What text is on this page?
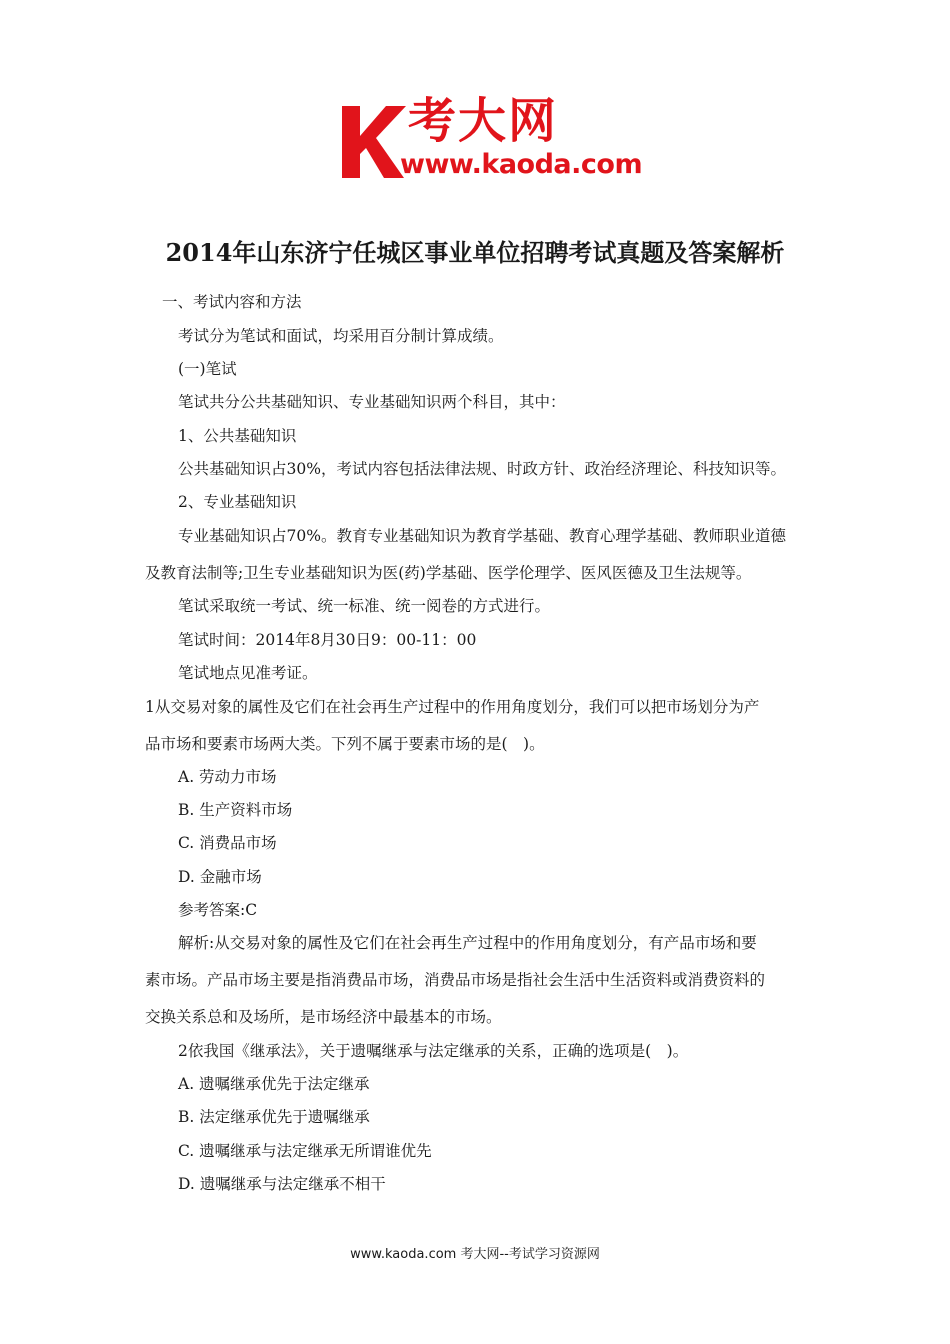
考大网
www.kaoda.com
2014年山东济宁任城区事业单位招聘考试真题及答案解析
一、考试内容和方法
考试分为笔试和面试，均采用百分制计算成绩。
(一)笔试
笔试共分公共基础知识、专业基础知识两个科目，其中：
1、公共基础知识
公共基础知识占30%，考试内容包括法律法规、时政方针、政治经济理论、科技知识等。
2、专业基础知识
专业基础知识占70%。教育专业基础知识为教育学基础、教育心理学基础、教师职业道德
及教育法制等;卫生专业基础知识为医(药)学基础、医学伦理学、医风医德及卫生法规等。
笔试采取统一考试、统一标准、统一阅卷的方式进行。
笔试时间：2014年8月30日9：00-11：00
笔试地点见准考证。
1从交易对象的属性及它们在社会再生产过程中的作用角度划分，我们可以把市场划分为产
品市场和要素市场两大类。下列不属于要素市场的是(　)。
A. 劳动力市场
B. 生产资料市场
C. 消费品市场
D. 金融市场
参考答案:C
解析:从交易对象的属性及它们在社会再生产过程中的作用角度划分，有产品市场和要
素市场。产品市场主要是指消费品市场，消费品市场是指社会生活中生活资料或消费资料的
交换关系总和及场所，是市场经济中最基本的市场。
2依我国《继承法》，关于遗嘱继承与法定继承的关系，正确的选项是(　)。
A. 遗嘱继承优先于法定继承
B. 法定继承优先于遗嘱继承
C. 遗嘱继承与法定继承无所谓谁优先
D. 遗嘱继承与法定继承不相干
www.kaoda.com 考大网--考试学习资源网
